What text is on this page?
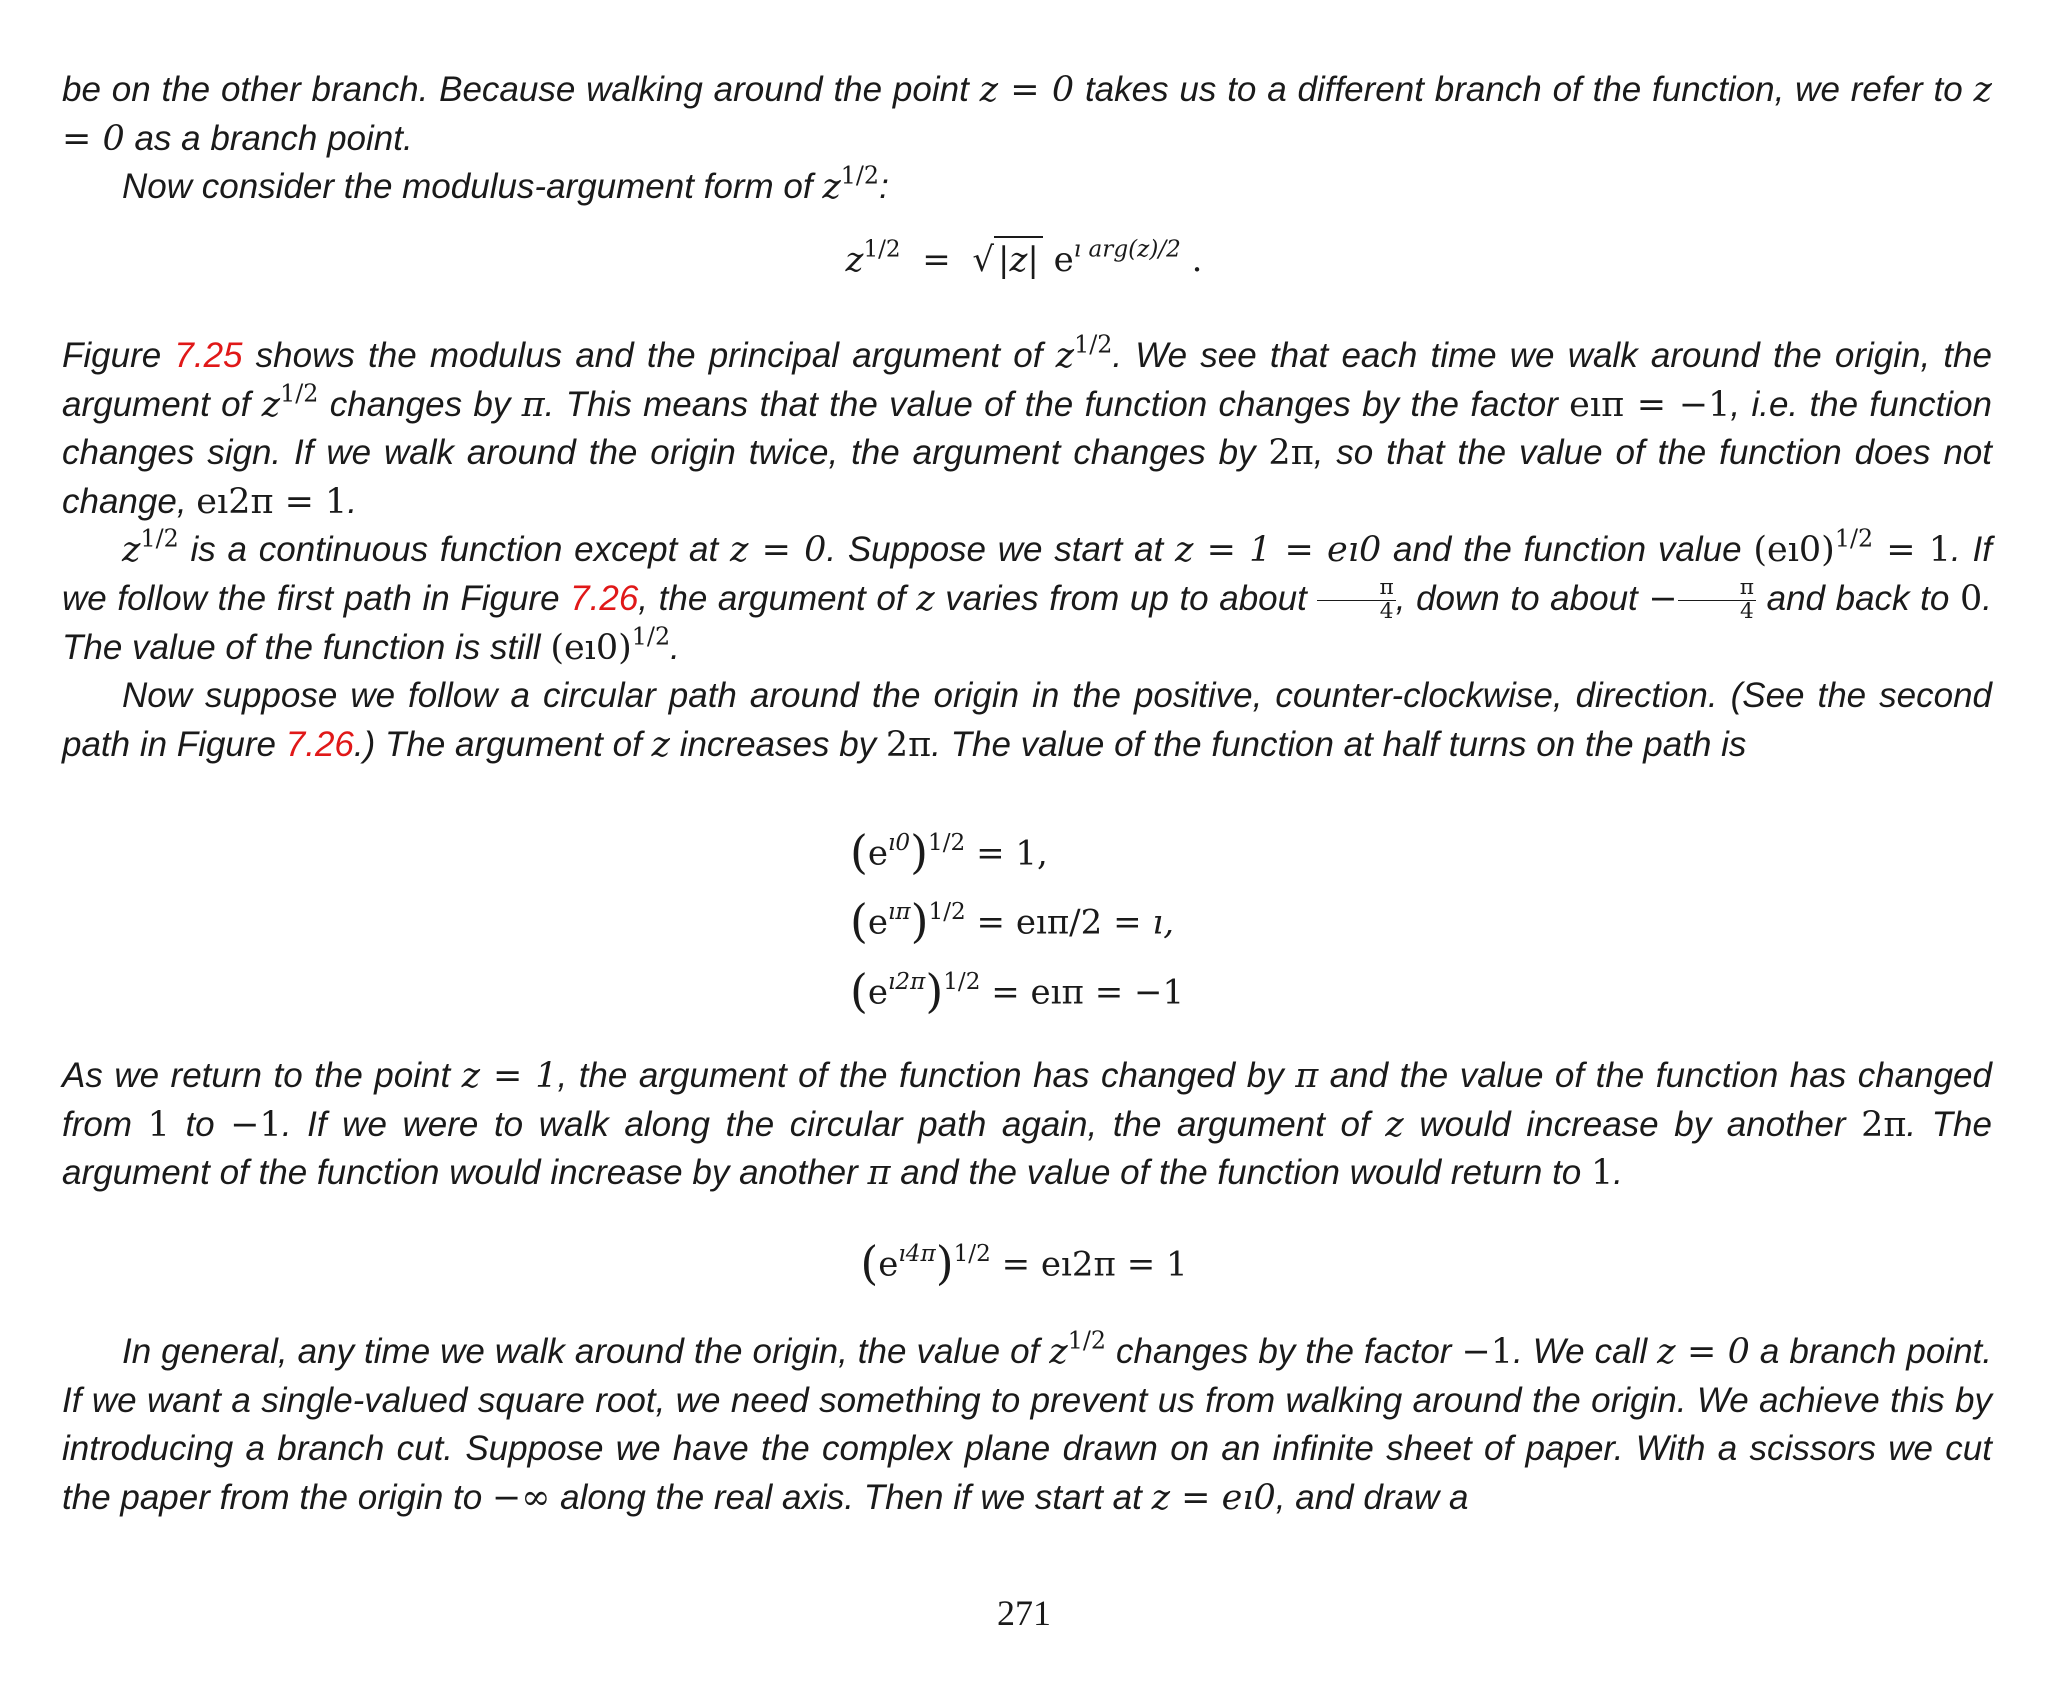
be on the other branch. Because walking around the point z = 0 takes us to a different branch of the function, we refer to z = 0 as a branch point.

Now consider the modulus-argument form of $z^{1/2}$:

$z^{1/2}$  =  √ |z| $e^{ı arg(z)/2}$ .

Figure 7.25 shows the modulus and the principal argument of $z^{1/2}$. We see that each time we walk around the origin, the argument of $z^{1/2}$ changes by π. This means that the value of the function changes by the factor eıπ = −1, i.e. the function changes sign. If we walk around the origin twice, the argument changes by 2π, so that the value of the function does not change, eı2π = 1.

$z^{1/2}$ is a continuous function except at z = 0. Suppose we start at z = 1 = eı0 and the function value (eı0)$^{1/2}$ = 1. If we follow the first path in Figure 7.26, the argument of z varies from up to about $\frac{\pi}{4}$ , down to about − $\frac{\pi}{4}$ and back to 0. The value of the function is still (eı0)$^{1/2}$.

Now suppose we follow a circular path around the origin in the positive, counter-clockwise, direction. (See the second path in Figure 7.26.) The argument of z increases by 2π. The value of the function at half turns on the path is

$(e^{ı0})^{1/2} = 1$,
$(e^{ı\pi})^{1/2}$ = eıπ/2 = ı,
$(e^{ı2\pi})^{1/2}$ = eıπ = −1

As we return to the point z = 1, the argument of the function has changed by π and the value of the function has changed from 1 to −1. If we were to walk along the circular path again, the argument of z would increase by another 2π. The argument of the function would increase by another π and the value of the function would return to 1.

$(e^{ı4\pi})^{1/2}$ = eı2π = 1

In general, any time we walk around the origin, the value of $z^{1/2}$ changes by the factor −1. We call z = 0 a branch point. If we want a single-valued square root, we need something to prevent us from walking around the origin. We achieve this by introducing a branch cut. Suppose we have the complex plane drawn on an infinite sheet of paper. With a scissors we cut the paper from the origin to −∞ along the real axis. Then if we start at z = eı0, and draw a

271
